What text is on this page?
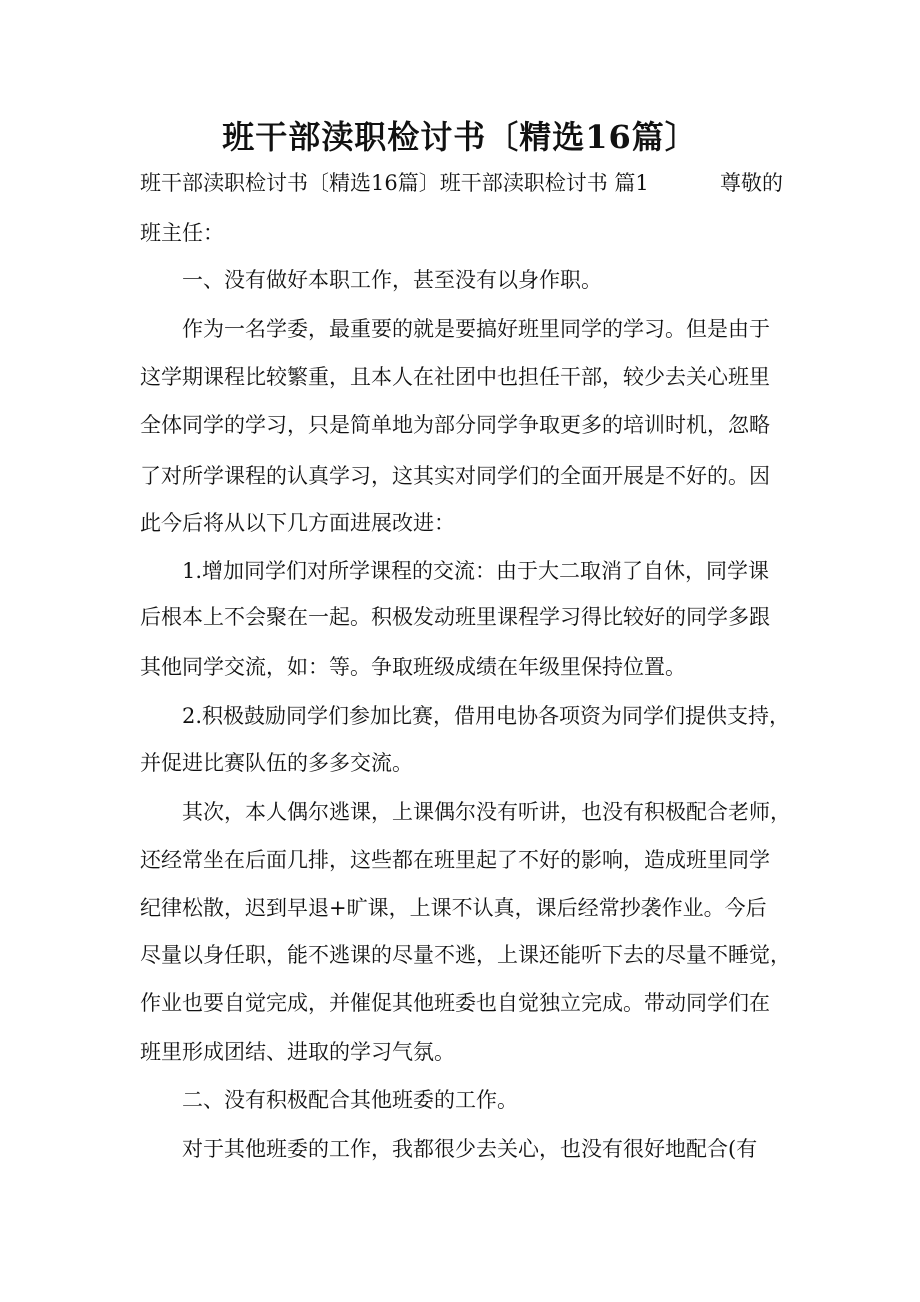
班干部渎职检讨书〔精选16篇〕
班干部渎职检讨书〔精选16篇〕班干部渎职检讨书 篇1	尊敬的
班主任：
一、没有做好本职工作，甚至没有以身作职。
作为一名学委，最重要的就是要搞好班里同学的学习。但是由于
这学期课程比较繁重，且本人在社团中也担任干部，较少去关心班里
全体同学的学习，只是简单地为部分同学争取更多的培训时机，忽略
了对所学课程的认真学习，这其实对同学们的全面开展是不好的。因
此今后将从以下几方面进展改进：
1.增加同学们对所学课程的交流：由于大二取消了自休，同学课
后根本上不会聚在一起。积极发动班里课程学习得比较好的同学多跟
其他同学交流，如：等。争取班级成绩在年级里保持位置。
2.积极鼓励同学们参加比赛，借用电协各项资为同学们提供支持，
并促进比赛队伍的多多交流。
其次，本人偶尔逃课，上课偶尔没有听讲，也没有积极配合老师，
还经常坐在后面几排，这些都在班里起了不好的影响，造成班里同学
纪律松散，迟到早退+旷课，上课不认真，课后经常抄袭作业。今后
尽量以身任职，能不逃课的尽量不逃，上课还能听下去的尽量不睡觉，
作业也要自觉完成，并催促其他班委也自觉独立完成。带动同学们在
班里形成团结、进取的学习气氛。
二、没有积极配合其他班委的工作。
对于其他班委的工作，我都很少去关心，也没有很好地配合(有
